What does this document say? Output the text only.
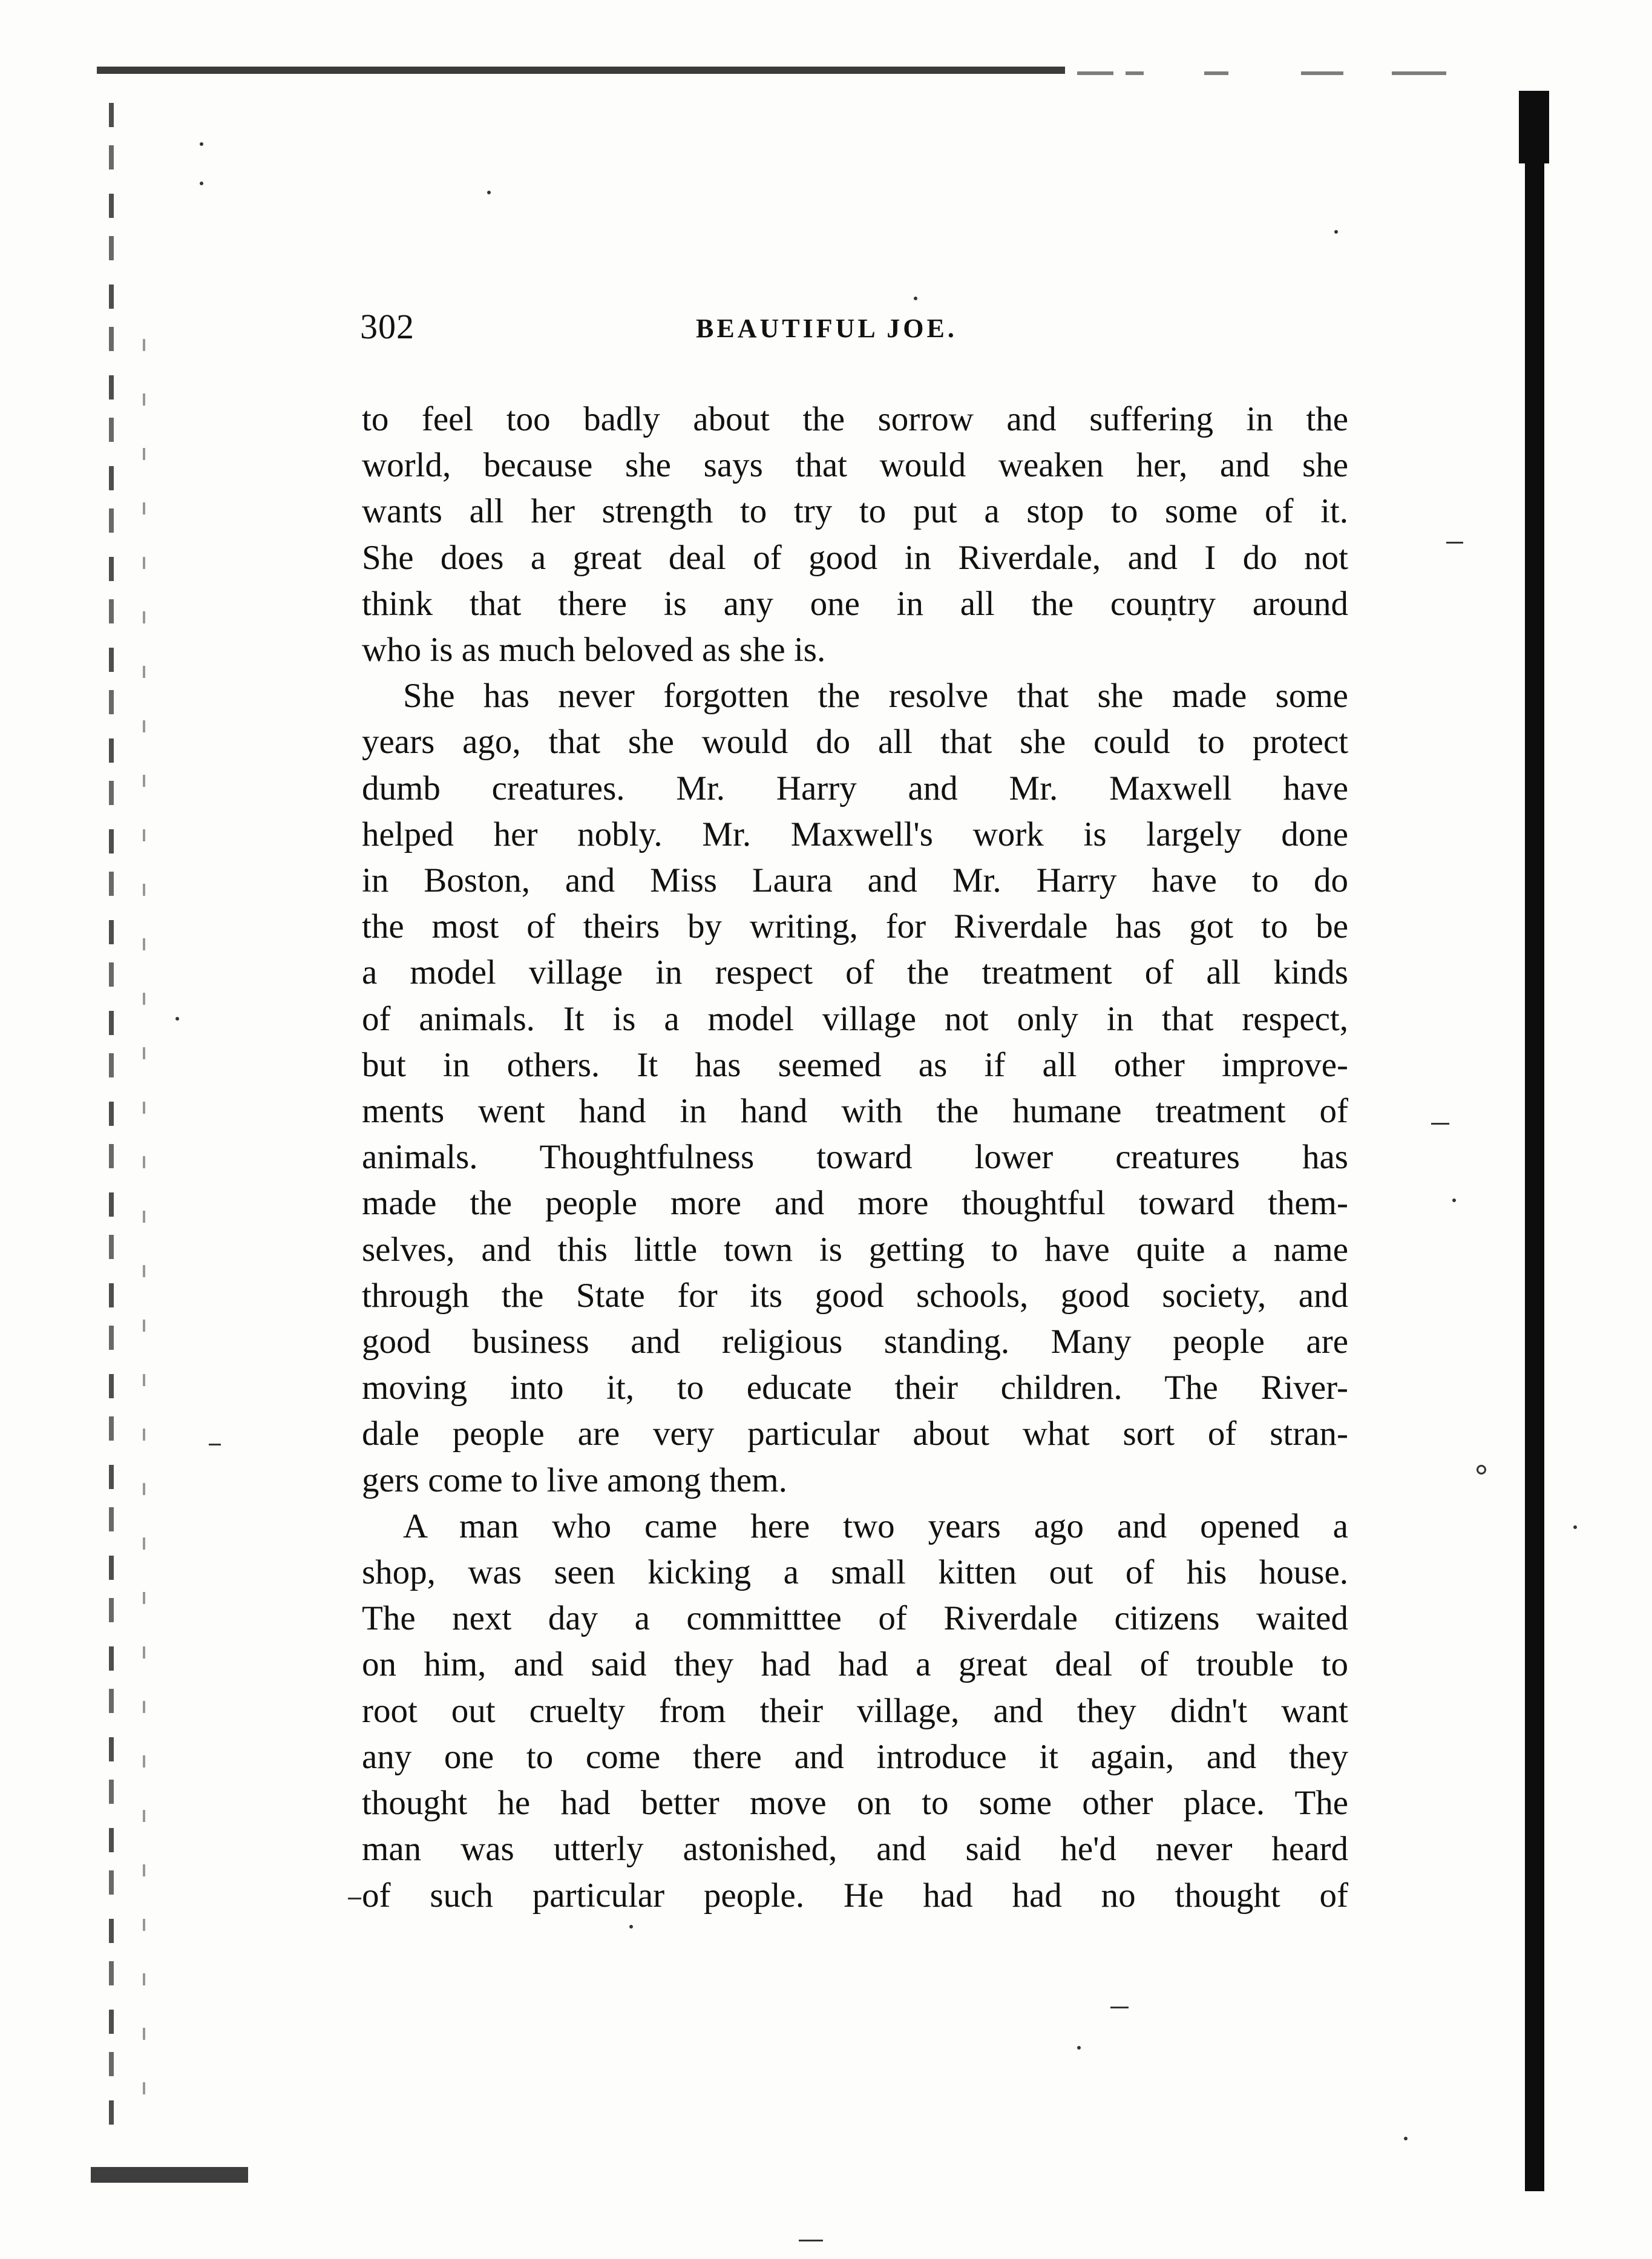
302	BEAUTIFUL JOE.
to feel too badly about the sorrow and suffering in the
world, because she says that would weaken her, and she
wants all her strength to try to put a stop to some of it.
She does a great deal of good in Riverdale, and I do not
think that there is any one in all the country around
who is as much beloved as she is.
She has never forgotten the resolve that she made some
years ago, that she would do all that she could to protect
dumb creatures. Mr. Harry and Mr. Maxwell have
helped her nobly. Mr. Maxwell's work is largely done
in Boston, and Miss Laura and Mr. Harry have to do
the most of theirs by writing, for Riverdale has got to be
a model village in respect of the treatment of all kinds
of animals. It is a model village not only in that respect,
but in others. It has seemed as if all other improve-
ments went hand in hand with the humane treatment of
animals. Thoughtfulness toward lower creatures has
made the people more and more thoughtful toward them-
selves, and this little town is getting to have quite a name
through the State for its good schools, good society, and
good business and religious standing. Many people are
moving into it, to educate their children. The River-
dale people are very particular about what sort of stran-
gers come to live among them.
A man who came here two years ago and opened a
shop, was seen kicking a small kitten out of his house.
The next day a committtee of Riverdale citizens waited
on him, and said they had had a great deal of trouble to
root out cruelty from their village, and they didn't want
any one to come there and introduce it again, and they
thought he had better move on to some other place. The
man was utterly astonished, and said he'd never heard
of such particular people. He had had no thought of
